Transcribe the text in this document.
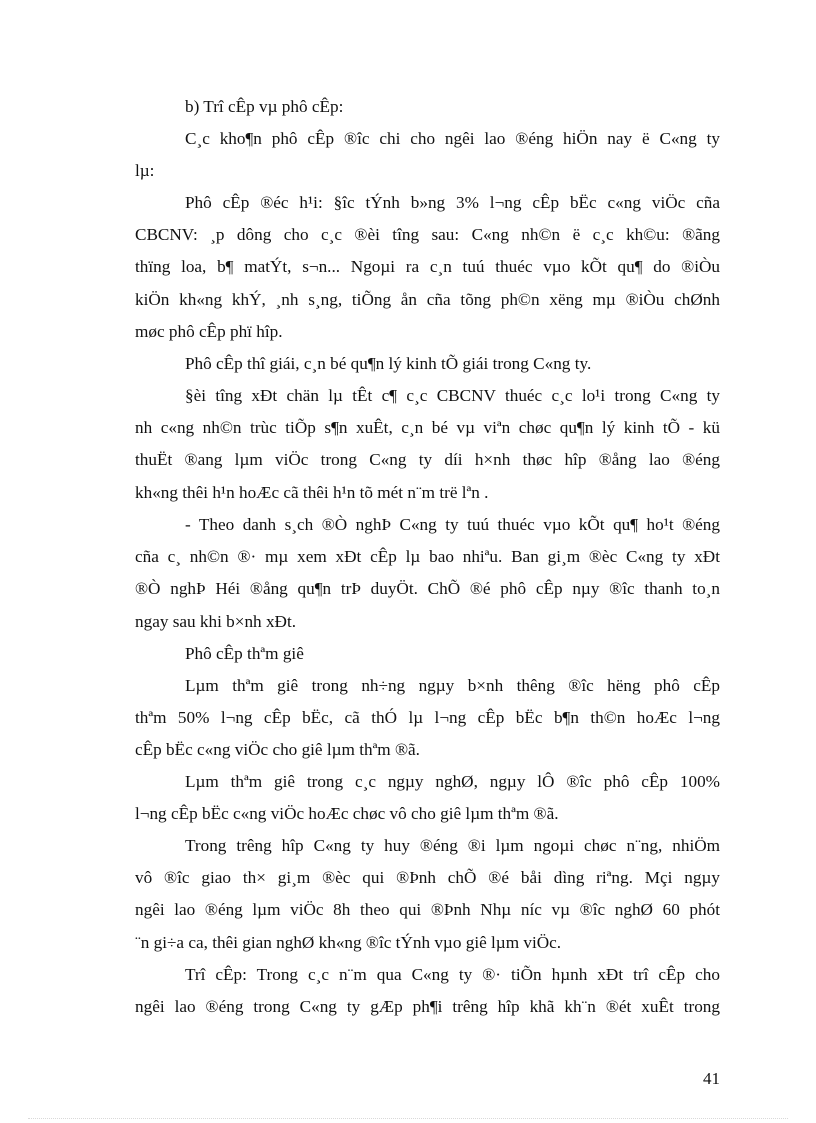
b) Trî cÊp vµ phô cÊp:

C¸c kho¶n phô cÊp ®îc chi cho ngêi lao ®éng hiÖn nay ë C«ng ty
lµ:

Phô cÊp ®éc h¹i: §îc tÝnh b»ng 3% l¬ng cÊp bËc c«ng viÖc cña
CBCNV: ¸p dông cho c¸c ®èi tîng sau: C«ng nh©n ë c¸c kh©u: ®ãng
thïng loa, b¶ matÝt, s¬n... Ngoµi ra c¸n tuú thuéc vµo kÕt qu¶ do ®iÒu
kiÖn kh«ng khÝ, ¸nh s¸ng, tiÕng ån cña tõng ph©n xëng mµ ®iÒu chØnh
møc phô cÊp phï hîp.

Phô cÊp thî giái, c¸n bé qu¶n lý kinh tÕ giái trong C«ng ty.

§èi tîng xÐt chän lµ tÊt c¶ c¸c CBCNV thuéc c¸c lo¹i trong C«ng ty
nh c«ng nh©n trùc tiÕp s¶n xuÊt, c¸n bé vµ viªn chøc qu¶n lý kinh tÕ - kü
thuËt ®ang lµm viÖc trong C«ng ty díi h×nh thøc hîp ®ång lao ®éng
kh«ng thêi h¹n hoÆc cã thêi h¹n tõ mét n¨m trë lªn .

- Theo danh s¸ch ®Ò nghÞ C«ng ty tuú thuéc vµo kÕt qu¶ ho¹t ®éng
cña c¸ nh©n ®· mµ xem xÐt cÊp lµ bao nhiªu. Ban gi¸m ®èc C«ng ty xÐt
®Ò nghÞ Héi ®ång qu¶n trÞ duyÖt. ChÕ ®é phô cÊp nµy ®îc thanh to¸n
ngay sau khi b×nh xÐt.

Phô cÊp thªm giê

Lµm thªm giê trong nh÷ng ngµy b×nh thêng ®îc hëng phô cÊp
thªm 50% l¬ng cÊp bËc, cã thÓ lµ l¬ng cÊp bËc b¶n th©n hoÆc l¬ng
cÊp bËc c«ng viÖc cho giê lµm thªm ®ã.

Lµm thªm giê trong c¸c ngµy nghØ, ngµy lÔ ®îc phô cÊp 100%
l¬ng cÊp bËc c«ng viÖc hoÆc chøc vô cho giê lµm thªm ®ã.

Trong trêng hîp C«ng ty huy ®éng ®i lµm ngoµi chøc n¨ng, nhiÖm
vô ®îc giao th× gi¸m ®èc qui ®Þnh chÕ ®é båi dìng riªng. Mçi ngµy
ngêi lao ®éng lµm viÖc 8h theo qui ®Þnh Nhµ níc vµ ®îc nghØ 60 phót
¨n gi÷a ca, thêi gian nghØ kh«ng ®îc tÝnh vµo giê lµm viÖc.

Trî cÊp: Trong c¸c n¨m qua C«ng ty ®· tiÕn hµnh xÐt trî cÊp cho
ngêi lao ®éng trong C«ng ty gÆp ph¶i trêng hîp khã kh¨n ®ét xuÊt trong

41
